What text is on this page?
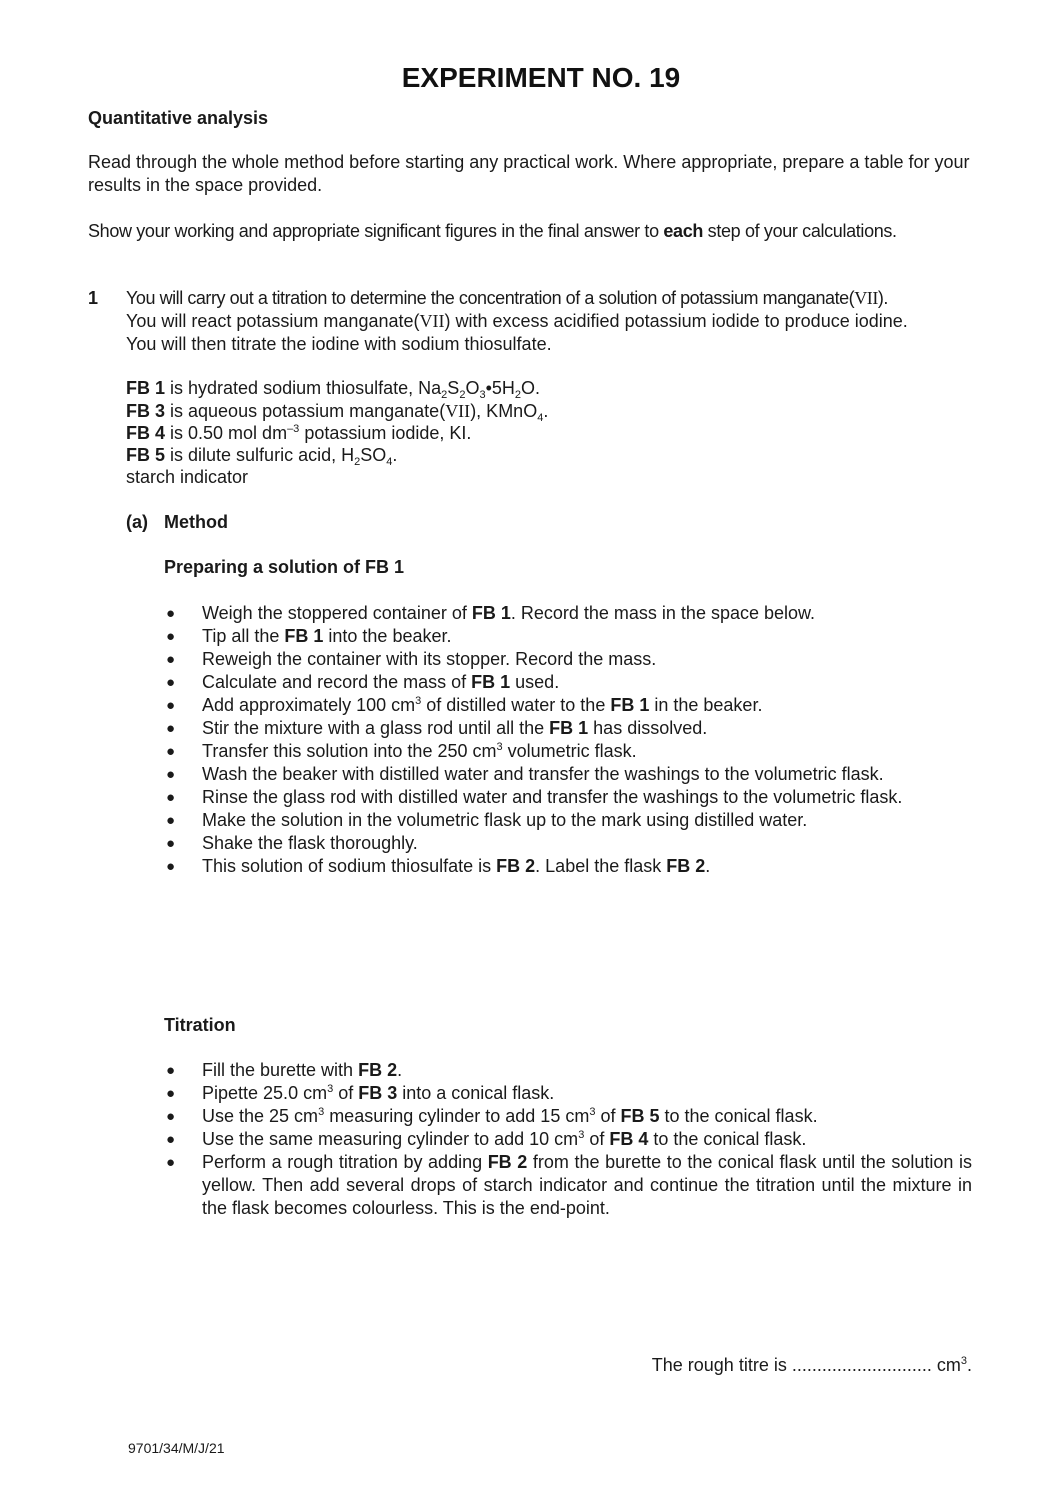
EXPERIMENT NO. 19
Quantitative analysis
Read through the whole method before starting any practical work. Where appropriate, prepare a table for your results in the space provided.
Show your working and appropriate significant figures in the final answer to each step of your calculations.
1 You will carry out a titration to determine the concentration of a solution of potassium manganate(VII).
You will react potassium manganate(VII) with excess acidified potassium iodide to produce iodine.
You will then titrate the iodine with sodium thiosulfate.
FB 1 is hydrated sodium thiosulfate, $Na_2S_2O_3•5H_2O$.
FB 3 is aqueous potassium manganate(VII), KMnO$_4$.
FB 4 is 0.50 mol $dm^{-3}$ potassium iodide, KI.
FB 5 is dilute sulfuric acid, $H_2SO_4$.
starch indicator
(a) Method
Preparing a solution of FB 1
● Weigh the stoppered container of FB 1. Record the mass in the space below.
● Tip all the FB 1 into the beaker.
● Reweigh the container with its stopper. Record the mass.
● Calculate and record the mass of FB 1 used.
● Add approximately 100 $cm^3$ of distilled water to the FB 1 in the beaker.
● Stir the mixture with a glass rod until all the FB 1 has dissolved.
● Transfer this solution into the 250 $cm^3$ volumetric flask.
● Wash the beaker with distilled water and transfer the washings to the volumetric flask.
● Rinse the glass rod with distilled water and transfer the washings to the volumetric flask.
● Make the solution in the volumetric flask up to the mark using distilled water.
● Shake the flask thoroughly.
● This solution of sodium thiosulfate is FB 2. Label the flask FB 2.
Titration
● Fill the burette with FB 2.
● Pipette 25.0 $cm^3$ of FB 3 into a conical flask.
● Use the 25 $cm^3$ measuring cylinder to add 15 $cm^3$ of FB 5 to the conical flask.
● Use the same measuring cylinder to add 10 $cm^3$ of FB 4 to the conical flask.
● Perform a rough titration by adding FB 2 from the burette to the conical flask until the solution is yellow. Then add several drops of starch indicator and continue the titration until the mixture in the flask becomes colourless. This is the end-point.
The rough titre is ............................ $cm^3$.
9701/34/M/J/21
